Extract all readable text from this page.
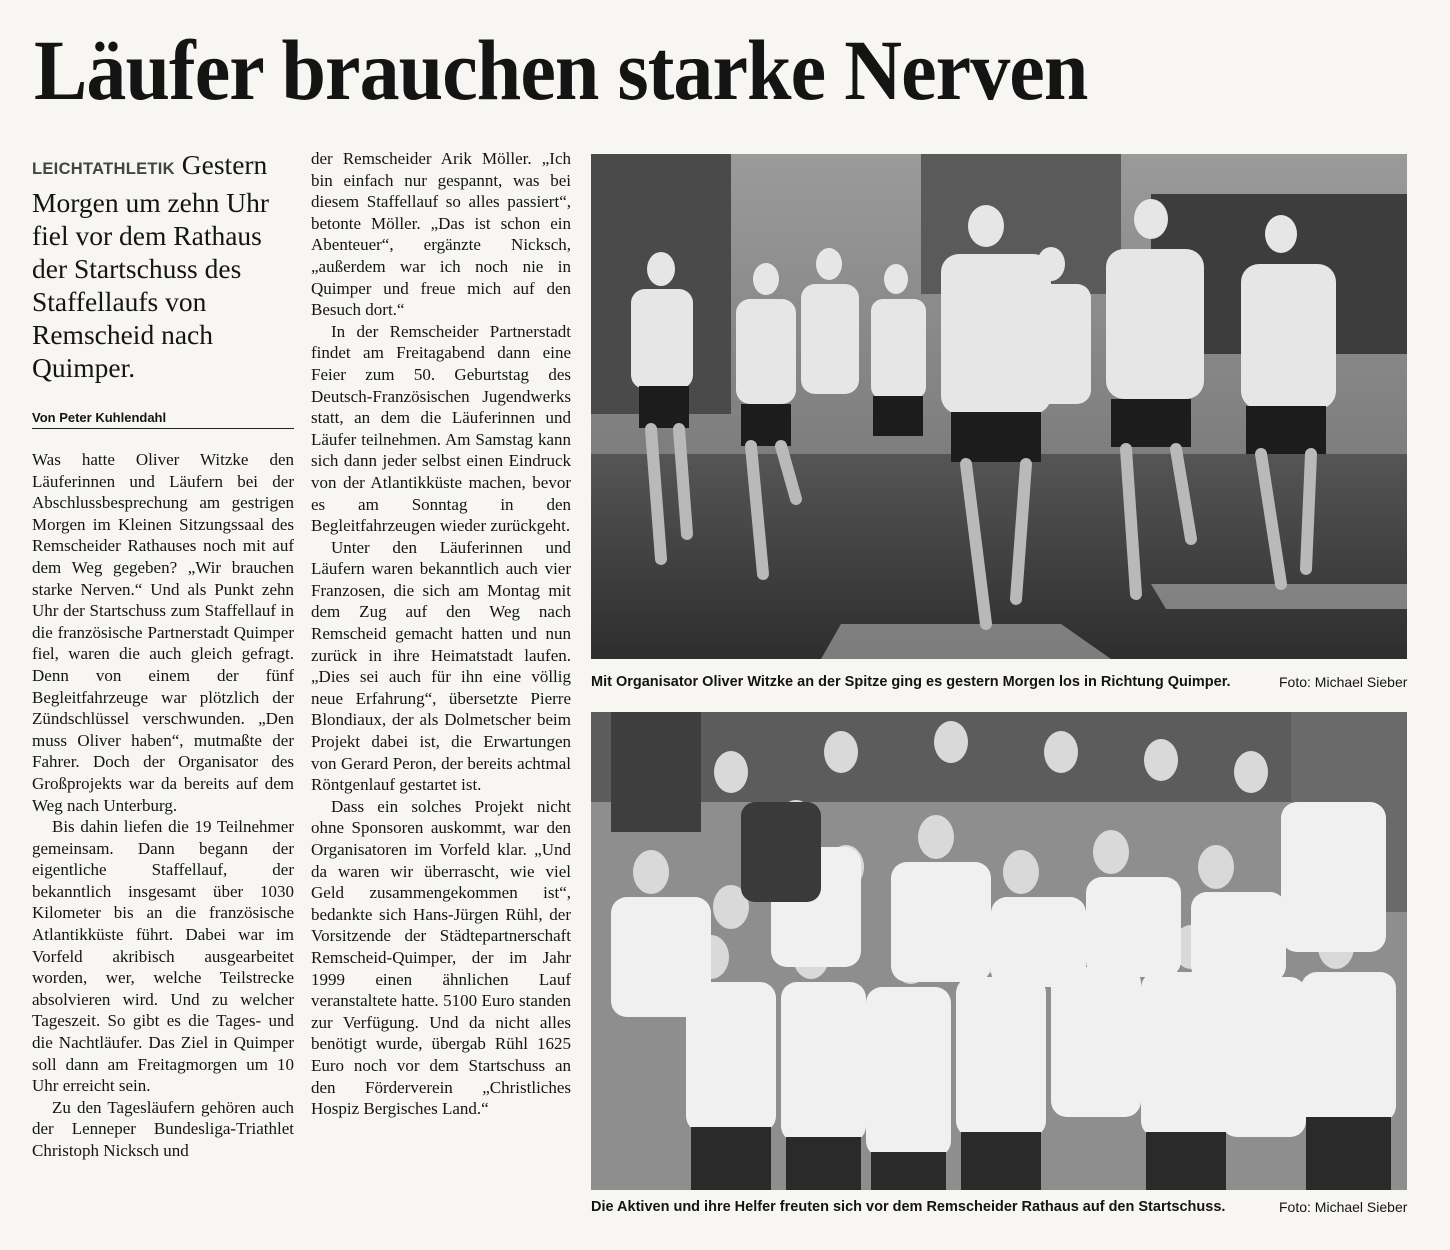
Läufer brauchen starke Nerven
LEICHTATHLETIK Gestern Morgen um zehn Uhr fiel vor dem Rathaus der Startschuss des Staffellaufs von Remscheid nach Quimper.
Von Peter Kuhlendahl

Was hatte Oliver Witzke den Läuferinnen und Läufern bei der Abschlussbesprechung am gestrigen Morgen im Kleinen Sitzungssaal des Remscheider Rathauses noch mit auf dem Weg gegeben? „Wir brauchen starke Nerven.“ Und als Punkt zehn Uhr der Startschuss zum Staffellauf in die französische Partnerstadt Quimper fiel, waren die auch gleich gefragt. Denn von einem der fünf Begleitfahrzeuge war plötzlich der Zündschlüssel verschwunden. „Den muss Oliver haben“, mutmaßte der Fahrer. Doch der Organisator des Großprojekts war da bereits auf dem Weg nach Unterburg.

Bis dahin liefen die 19 Teilnehmer gemeinsam. Dann begann der eigentliche Staffellauf, der bekanntlich insgesamt über 1030 Kilometer bis an die französische Atlantikküste führt. Dabei war im Vorfeld akribisch ausgearbeitet worden, wer, welche Teilstrecke absolvieren wird. Und zu welcher Tageszeit. So gibt es die Tages- und die Nachtläufer. Das Ziel in Quimper soll dann am Freitagmorgen um 10 Uhr erreicht sein.

Zu den Tagesläufern gehören auch der Lenneper Bundesliga-Triathlet Christoph Nicksch und

der Remscheider Arik Möller. „Ich bin einfach nur gespannt, was bei diesem Staffellauf so alles passiert“, betonte Möller. „Das ist schon ein Abenteuer“, ergänzte Nicksch, „außerdem war ich noch nie in Quimper und freue mich auf den Besuch dort.“

In der Remscheider Partnerstadt findet am Freitagabend dann eine Feier zum 50. Geburtstag des Deutsch-Französischen Jugendwerks statt, an dem die Läuferinnen und Läufer teilnehmen. Am Samstag kann sich dann jeder selbst einen Eindruck von der Atlantikküste machen, bevor es am Sonntag in den Begleitfahrzeugen wieder zurückgeht.

Unter den Läuferinnen und Läufern waren bekanntlich auch vier Franzosen, die sich am Montag mit dem Zug auf den Weg nach Remscheid gemacht hatten und nun zurück in ihre Heimatstadt laufen. „Dies sei auch für ihn eine völlig neue Erfahrung“, übersetzte Pierre Blondiaux, der als Dolmetscher beim Projekt dabei ist, die Erwartungen von Gerard Peron, der bereits achtmal Röntgenlauf gestartet ist.

Dass ein solches Projekt nicht ohne Sponsoren auskommt, war den Organisatoren im Vorfeld klar. „Und da waren wir überrascht, wie viel Geld zusammengekommen ist“, bedankte sich Hans-Jürgen Rühl, der Vorsitzende der Städtepartnerschaft Remscheid-Quimper, der im Jahr 1999 einen ähnlichen Lauf veranstaltete hatte. 5100 Euro standen zur Verfügung. Und da nicht alles benötigt wurde, übergab Rühl 1625 Euro noch vor dem Startschuss an den Förderverein „Christliches Hospiz Bergisches Land.“

Mit Organisator Oliver Witzke an der Spitze ging es gestern Morgen los in Richtung Quimper.	Foto: Michael Sieber
Die Aktiven und ihre Helfer freuten sich vor dem Remscheider Rathaus auf den Startschuss.	Foto: Michael Sieber
